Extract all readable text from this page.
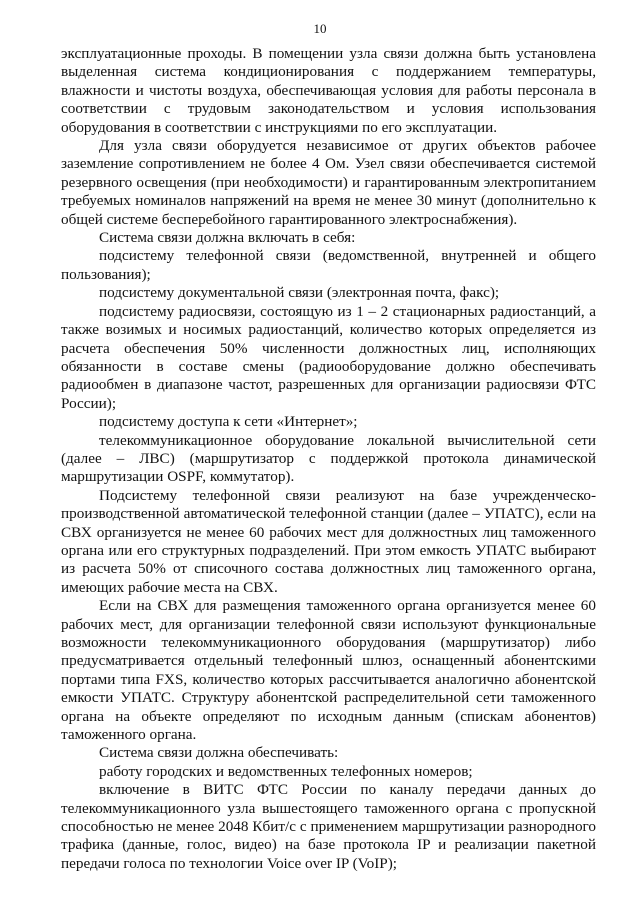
10

эксплуатационные проходы. В помещении узла связи должна быть установлена выделенная система кондиционирования с поддержанием температуры, влажности и чистоты воздуха, обеспечивающая условия для работы персонала в соответствии с трудовым законодательством и условия использования оборудования в соответствии с инструкциями по его эксплуатации.

Для узла связи оборудуется независимое от других объектов рабочее заземление сопротивлением не более 4 Ом. Узел связи обеспечивается системой резервного освещения (при необходимости) и гарантированным электропитанием требуемых номиналов напряжений на время не менее 30 минут (дополнительно к общей системе бесперебойного гарантированного электроснабжения).

Система связи должна включать в себя:

подсистему телефонной связи (ведомственной, внутренней и общего пользования);

подсистему документальной связи (электронная почта, факс);

подсистему радиосвязи, состоящую из 1 – 2 стационарных радиостанций, а также возимых и носимых радиостанций, количество которых определяется из расчета обеспечения 50% численности должностных лиц, исполняющих обязанности в составе смены (радиооборудование должно обеспечивать радиообмен в диапазоне частот, разрешенных для организации радиосвязи ФТС России);

подсистему доступа к сети «Интернет»;

телекоммуникационное оборудование локальной вычислительной сети (далее – ЛВС) (маршрутизатор с поддержкой протокола динамической маршрутизации OSPF, коммутатор).

Подсистему телефонной связи реализуют на базе учрежденческо-производственной автоматической телефонной станции (далее – УПАТС), если на СВХ организуется не менее 60 рабочих мест для должностных лиц таможенного органа или его структурных подразделений. При этом емкость УПАТС выбирают из расчета 50% от списочного состава должностных лиц таможенного органа, имеющих рабочие места на СВХ.

Если на СВХ для размещения таможенного органа организуется менее 60 рабочих мест, для организации телефонной связи используют функциональные возможности телекоммуникационного оборудования (маршрутизатор) либо предусматривается отдельный телефонный шлюз, оснащенный абонентскими портами типа FXS, количество которых рассчитывается аналогично абонентской емкости УПАТС. Структуру абонентской распределительной сети таможенного органа на объекте определяют по исходным данным (спискам абонентов) таможенного органа.

Система связи должна обеспечивать:

работу городских и ведомственных телефонных номеров;

включение в ВИТС ФТС России по каналу передачи данных до телекоммуникационного узла вышестоящего таможенного органа с пропускной способностью не менее 2048 Кбит/с с применением маршрутизации разнородного трафика (данные, голос, видео) на базе протокола IP и реализации пакетной передачи голоса по технологии Voice over IP (VoIP);
